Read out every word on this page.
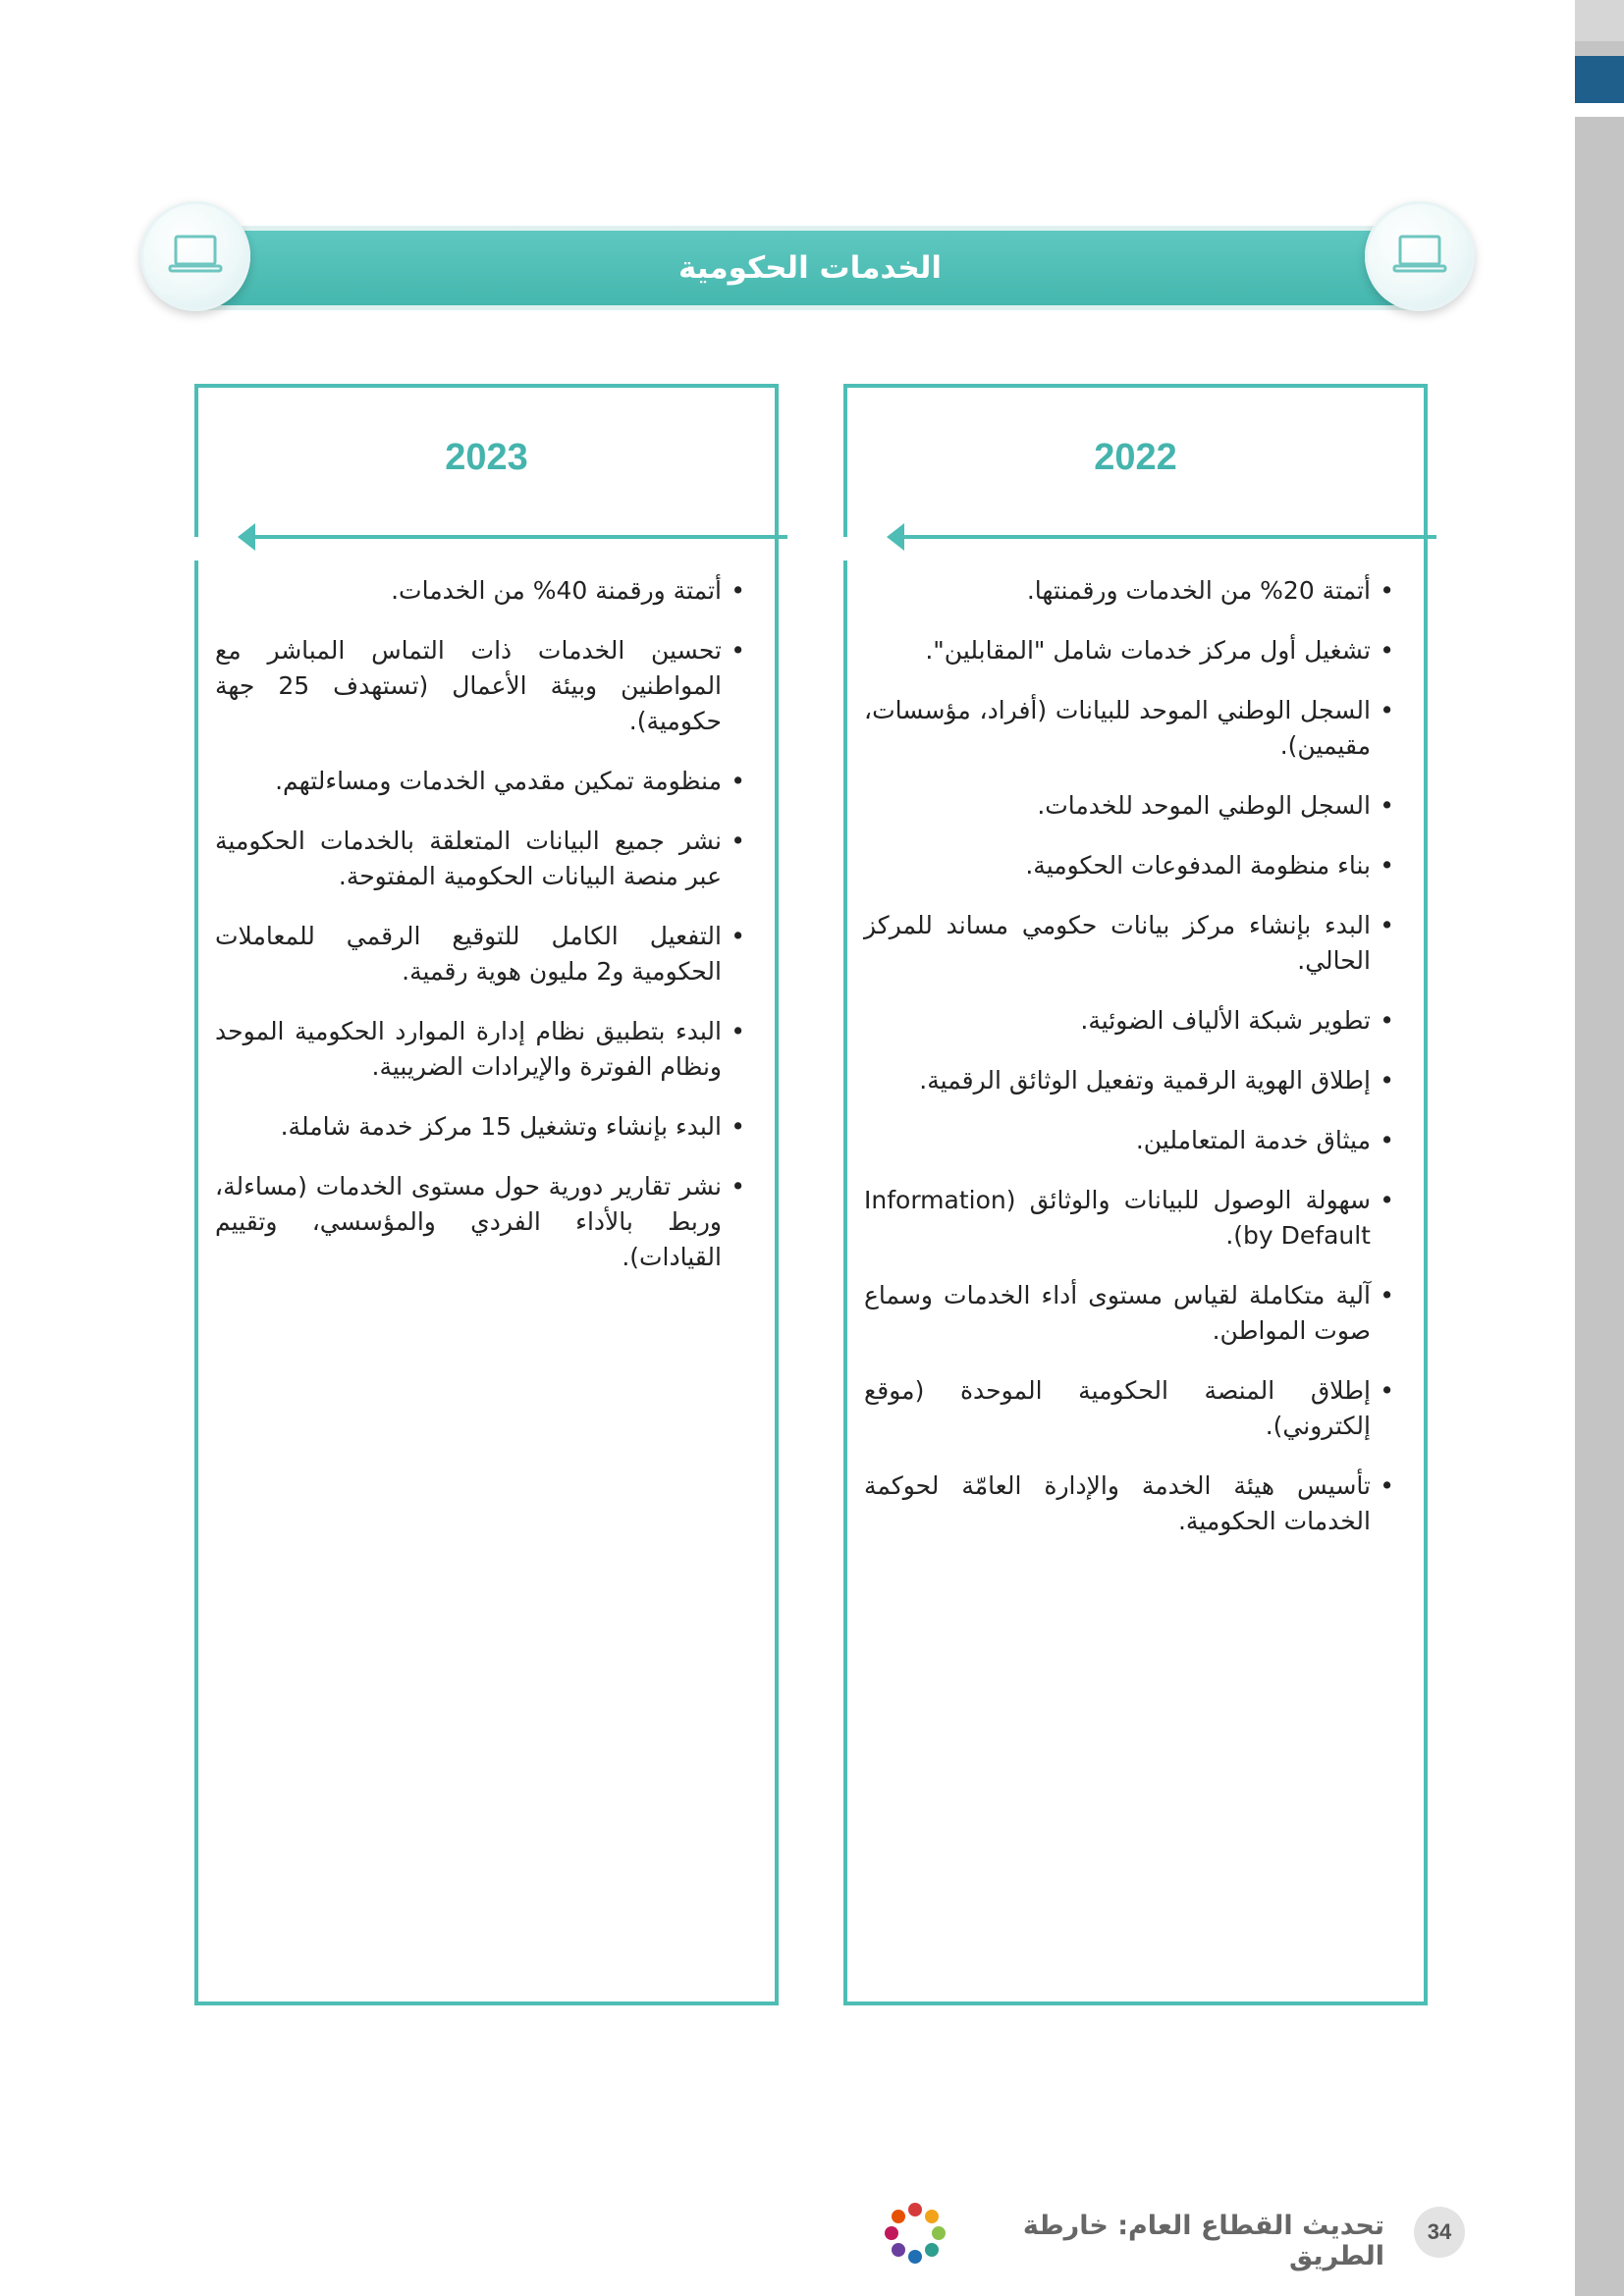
الخدمات الحكومية
2022
•
أتمتة 20% من الخدمات ورقمنتها.
•
تشغيل أول مركز خدمات شامل "المقابلين".
•
السجل الوطني الموحد للبيانات (أفراد، مؤسسات، مقيمين).
•
السجل الوطني الموحد للخدمات.
•
بناء منظومة المدفوعات الحكومية.
•
البدء بإنشاء مركز بيانات حكومي مساند للمركز الحالي.
•
تطوير شبكة الألياف الضوئية.
•
إطلاق الهوية الرقمية وتفعيل الوثائق الرقمية.
•
ميثاق خدمة المتعاملين.
•
سهولة الوصول للبيانات والوثائق (Information by Default).
•
آلية متكاملة لقياس مستوى أداء الخدمات وسماع صوت المواطن.
•
إطلاق المنصة الحكومية الموحدة (موقع إلكتروني).
•
تأسيس هيئة الخدمة والإدارة العامّة لحوكمة الخدمات الحكومية.
2023
•
أتمتة ورقمنة 40% من الخدمات.
•
تحسين الخدمات ذات التماس المباشر مع المواطنين وبيئة الأعمال (تستهدف 25 جهة حكومية).
•
منظومة تمكين مقدمي الخدمات ومساءلتهم.
•
نشر جميع البيانات المتعلقة بالخدمات الحكومية عبر منصة البيانات الحكومية المفتوحة.
•
التفعيل الكامل للتوقيع الرقمي للمعاملات الحكومية و2 مليون هوية رقمية.
•
البدء بتطبيق نظام إدارة الموارد الحكومية الموحد ونظام الفوترة والإيرادات الضريبية.
•
البدء بإنشاء وتشغيل 15 مركز خدمة شاملة.
•
نشر تقارير دورية حول مستوى الخدمات (مساءلة، وربط بالأداء الفردي والمؤسسي، وتقييم القيادات).
تحديث القطاع العام: خارطة الطريق
34
